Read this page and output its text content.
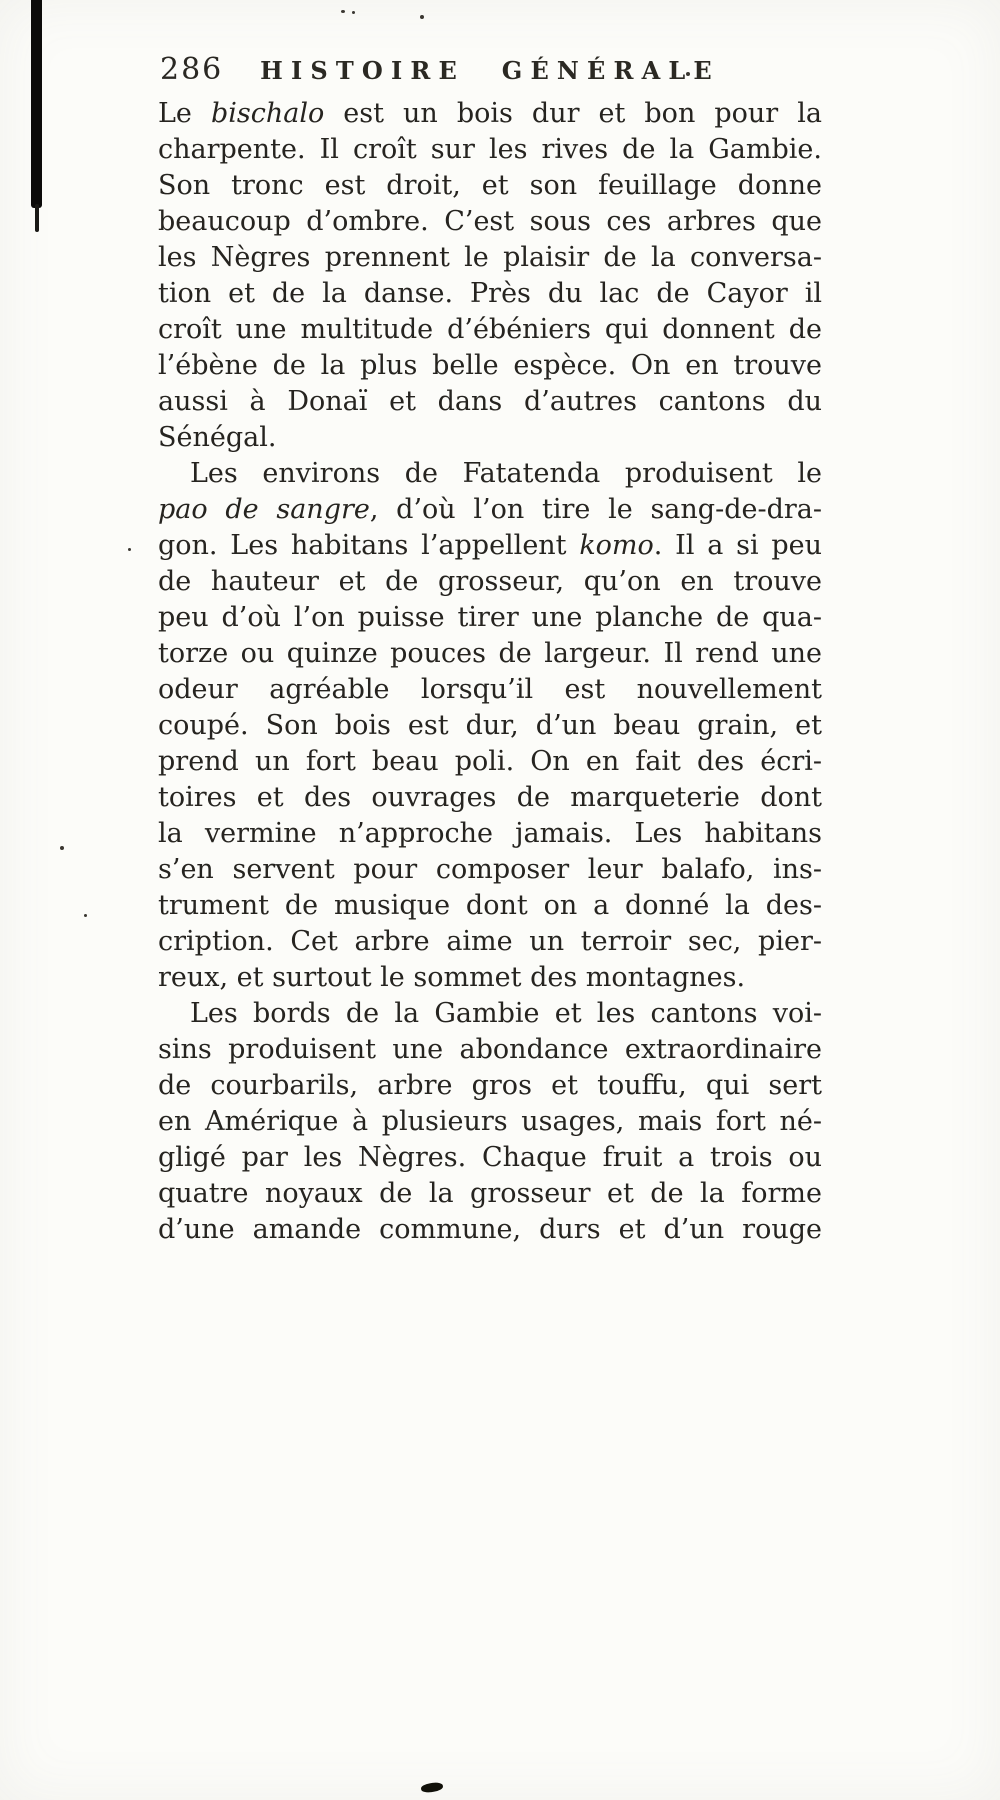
286 HISTOIRE GÉNÉRALE
Le bischalo est un bois dur et bon pour la
charpente. Il croît sur les rives de la Gambie.
Son tronc est droit, et son feuillage donne
beaucoup d’ombre. C’est sous ces arbres que
les Nègres prennent le plaisir de la conversa-
tion et de la danse. Près du lac de Cayor il
croît une multitude d’ébéniers qui donnent de
l’ébène de la plus belle espèce. On en trouve
aussi à Donaï et dans d’autres cantons du
Sénégal.
Les environs de Fatatenda produisent le
pao de sangre, d’où l’on tire le sang-de-dra-
gon. Les habitans l’appellent komo. Il a si peu
de hauteur et de grosseur, qu’on en trouve
peu d’où l’on puisse tirer une planche de qua-
torze ou quinze pouces de largeur. Il rend une
odeur agréable lorsqu’il est nouvellement
coupé. Son bois est dur, d’un beau grain, et
prend un fort beau poli. On en fait des écri-
toires et des ouvrages de marqueterie dont
la vermine n’approche jamais. Les habitans
s’en servent pour composer leur balafo, ins-
trument de musique dont on a donné la des-
cription. Cet arbre aime un terroir sec, pier-
reux, et surtout le sommet des montagnes.
Les bords de la Gambie et les cantons voi-
sins produisent une abondance extraordinaire
de courbarils, arbre gros et touffu, qui sert
en Amérique à plusieurs usages, mais fort né-
gligé par les Nègres. Chaque fruit a trois ou
quatre noyaux de la grosseur et de la forme
d’une amande commune, durs et d’un rouge
